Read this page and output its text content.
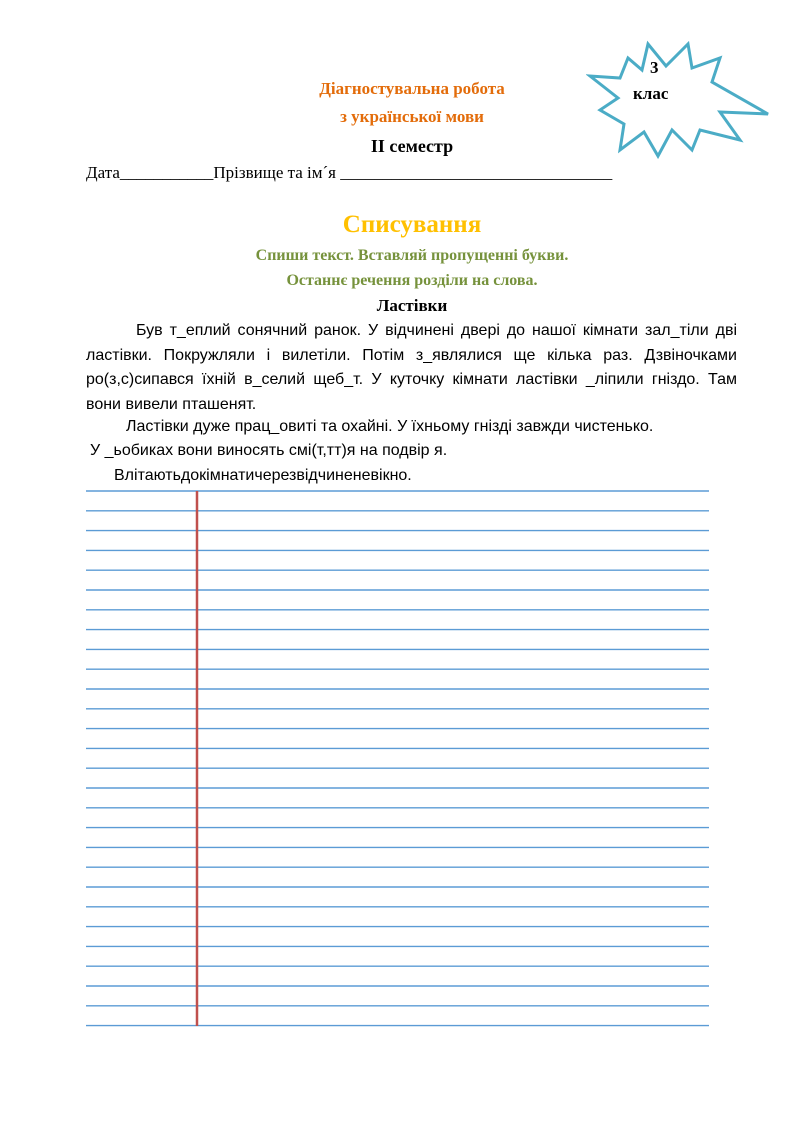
Діагностувальна робота
з української мови
ІІ семестр
Дата___________Прізвище та ім´я ________________________________
3
клас
Списування
Спиши текст. Вставляй пропущенні букви.
Останнє речення розділи на слова.
Ластівки
Був т_еплий сонячний ранок. У відчинені двері до нашої кімнати зал_тіли дві ластівки. Покружляли і вилетіли. Потім з_являлися ще кілька раз. Дзвіночками ро(з,с)сипався їхній в_селий щеб_т. У куточку кімнати ластівки _ліпили гніздо. Там вони вивели пташенят.
Ластівки дуже прац_овиті та охайні. У їхньому гнізді завжди чистенько.
У _ьобиках вони виносять смі(т,тт)я на подвір я.
Влітаютьдокімнатичерезвідчиненевікно.
